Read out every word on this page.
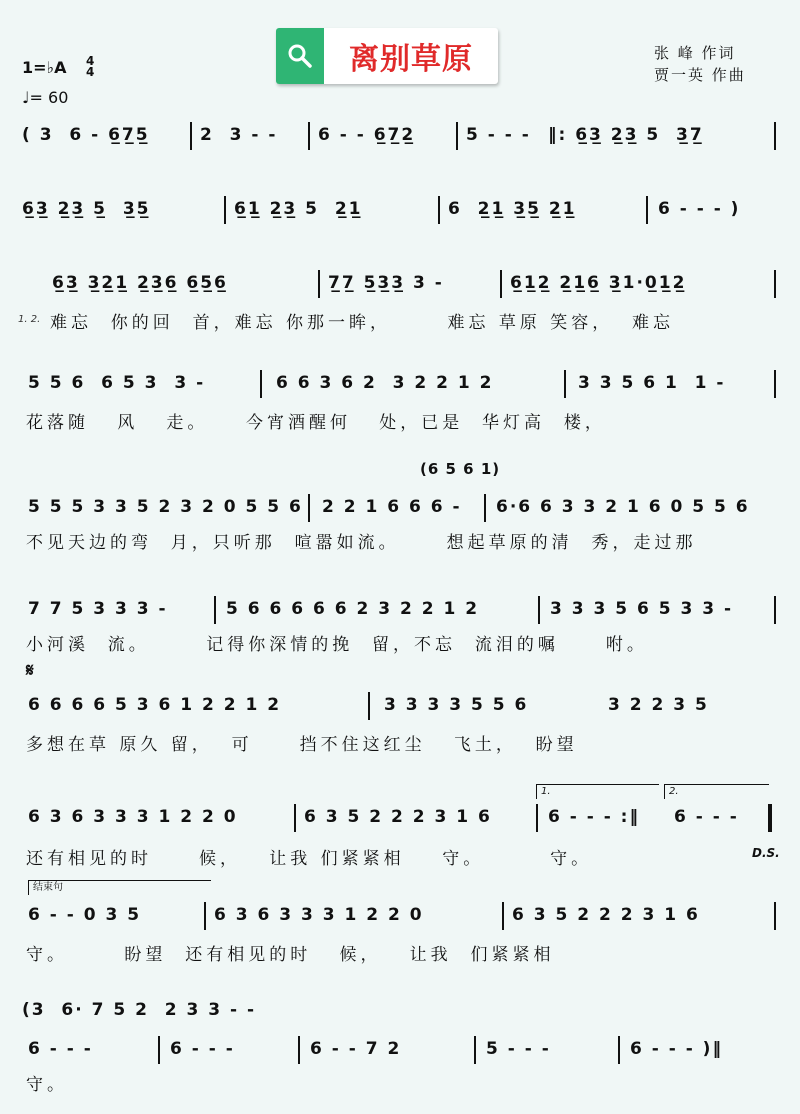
离别草原
1=♭A 4
4
♩= 60
张 峰 作词
贾一英 作曲
( 3  6 - 6̲7̲5̲	2  3 - - 6 - - 6̲7̲2̲	5 - - - ‖: 6̲3̲ 2̲3̲ 5  3̲7̲
6̲3̲ 2̲3̲ 5̲  3̲5̲	6̲1̲ 2̲3̲ 5  2̲1̲	6  2̲1̲ 3̲5̲ 2̲1̲	6 - - - )
6̲3̲ 3̲2̲1̲ 2̲3̲6̲ 6̲5̲6̲	7̲7̲ 5̲3̲3̲ 3 -	6̲1̲2̲ 2̲1̲6̲ 3̲1·0̲1̲2̲
1. 2. 难忘  你的回  首，难忘 你那一眸，      难忘 草原 笑容，  难忘
5 5 6  6 5 3  3 -	6 6 3 6 2  3 2 2 1 2	3 3 5 6 1  1 -
花落随   风   走。    今宵酒醒何   处，已是  华灯高  楼，
(6 5 6 1)
5 5 5 3 3 5 2 3 2 0 5 5 6 2 2 1 6 6 6 - 6·6 6 3 3 2 1 6 0 5 5 6
不见天边的弯  月，只听那  喧嚣如流。     想起草原的清  秀，走过那
7 7 5 3 3 3 -	5 6 6 6 6 6 2 3 2 2 1 2	3 3 3 5 6 5 3 3 -
小河溪  流。      记得你深情的挽  留，不忘  流泪的嘱     咐。
𝄋
6 6 6 6 5 3 6 1 2 2 1 2	3 3 3 3 5 5 6	3 2 2 3 5
多想在草 原久 留，  可     挡不住这红尘   飞土，  盼望
1.	2.
6 3 6 3 3 3 1 2 2 0	6 3 5 2 2 2 3 1 6	6 - - - :‖ 6 - - -
还有相见的时     候，   让我 们紧紧相    守。       守。	D.S.
结束句
6 - - 0 3 5	6 3 6 3 3 3 1 2 2 0	6 3 5 2 2 2 3 1 6
守。      盼望  还有相见的时   候，   让我  们紧紧相
(3  6· 7 5 2  2 3 3 - -
6 - - -	6 - - -	6 - - 7 2	5 - - -	6 - - - )‖
守。
